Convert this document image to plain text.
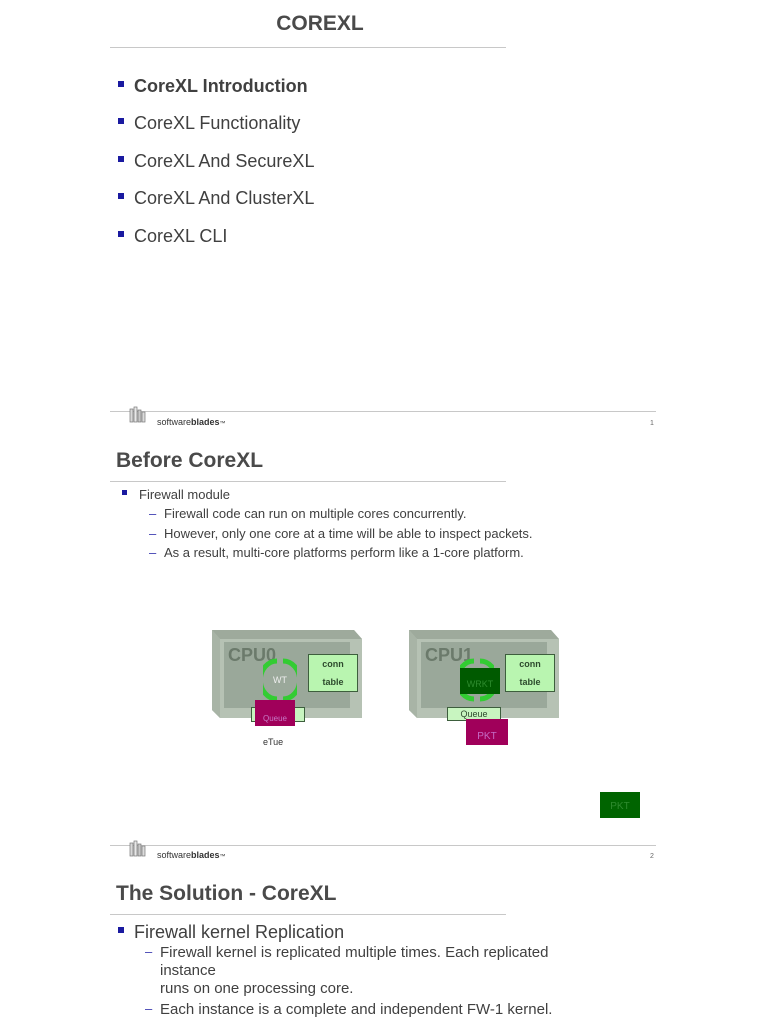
COREXL
CoreXL Introduction
CoreXL Functionality
CoreXL And SecureXL
CoreXL And ClusterXL
CoreXL CLI
softwareblades™	1
Before CoreXL
Firewall module
– Firewall code can run on multiple cores concurrently.
– However, only one core at a time will be able to inspect packets.
– As a result, multi-core platforms perform like a 1-core platform.
CPU0	conn
table
WT
Queue
eTue
CPU1	conn
table
WRKT
Queue
PKT
PKT
softwareblades™	2
The Solution - CoreXL
Firewall kernel Replication
– Firewall kernel is replicated multiple times. Each replicated
instance
runs on one processing core.
– Each instance is a complete and independent FW-1 kernel.
